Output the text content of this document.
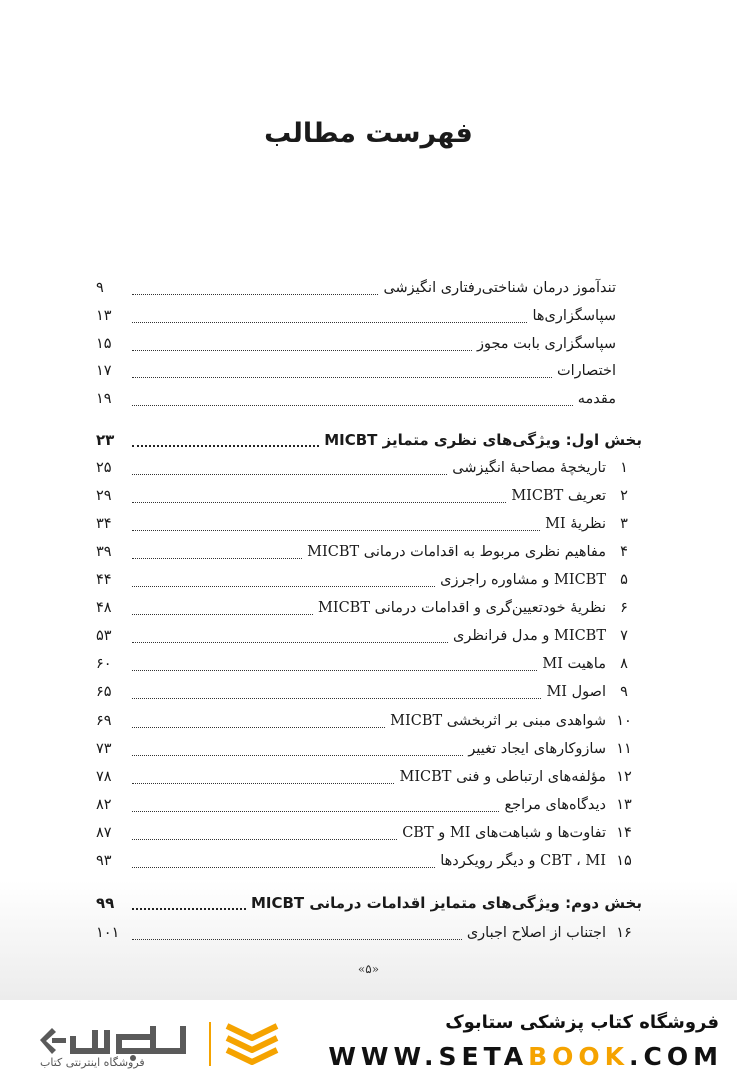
فهرست مطالب
تندآموز درمان شناختی‌رفتاری انگیزشی
۹
سپاسگزاری‌ها
۱۳
سپاسگزاری بابت مجوز
۱۵
اختصارات
۱۷
مقدمه
۱۹
بخش اول: ویژگی‌های نظری متمایز MICBT
۲۳
۱
تاریخچهٔ مصاحبهٔ انگیزشی
۲۵
۲
تعریف MICBT
۲۹
۳
نظریهٔ MI
۳۴
۴
مفاهیم نظری مربوط به اقدامات درمانی MICBT
۳۹
۵
MICBT و مشاوره راجرزی
۴۴
۶
نظریهٔ خودتعیین‌گری و اقدامات درمانی MICBT
۴۸
۷
MICBT و مدل فرانظری
۵۳
۸
ماهیت MI
۶۰
۹
اصول MI
۶۵
۱۰
شواهدی مبنی بر اثربخشی MICBT
۶۹
۱۱
سازوکارهای ایجاد تغییر
۷۳
۱۲
مؤلفه‌های ارتباطی و فنی MICBT
۷۸
۱۳
دیدگاه‌های مراجع
۸۲
۱۴
تفاوت‌ها و شباهت‌های MI و CBT
۸۷
۱۵
CBT ، MI و دیگر رویکردها
۹۳
بخش دوم: ویژگی‌های متمایز اقدامات درمانی MICBT
۹۹
۱۶
اجتناب از اصلاح اجباری
۱۰۱
«۵»
فروشگاه اینترنتی کتاب
فروشگاه کتاب پزشکی ستابوک
WWW.SETABOOK.COM
